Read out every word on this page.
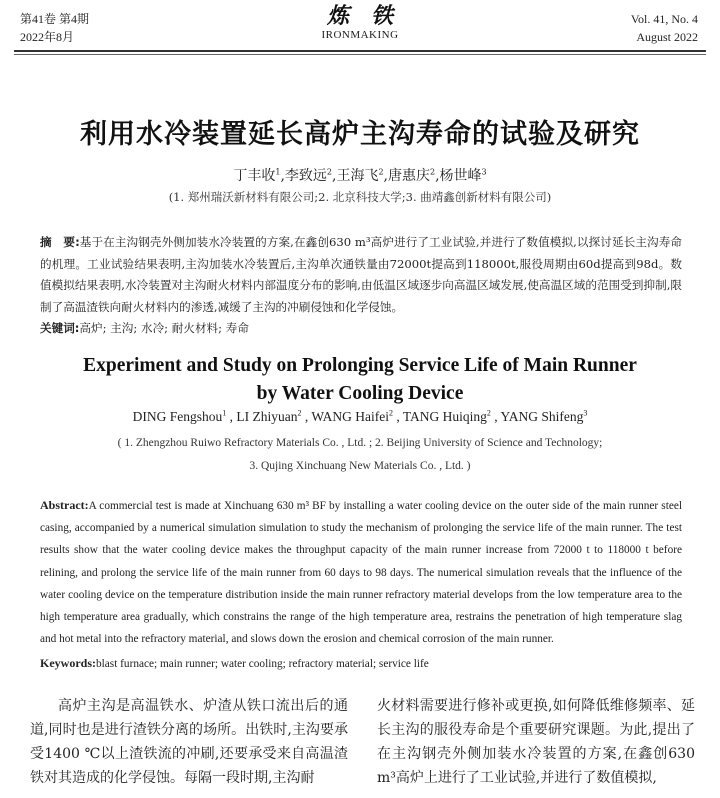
第41卷 第4期
2022年8月
炼铁
IRONMAKING
Vol. 41, No. 4
August 2022
利用水冷装置延长高炉主沟寿命的试验及研究
丁丰收$^1$,李致远$^2$,王海飞$^2$,唐惠庆$^2$,杨世峰$^3$
(1. 郑州瑞沃新材料有限公司;2. 北京科技大学;3. 曲靖鑫创新材料有限公司)

摘　要:基于在主沟钢壳外侧加装水冷装置的方案,在鑫创630 m³高炉进行了工业试验,并进行了数值模拟,以探讨延长主沟寿命的机理。工业试验结果表明,主沟加装水冷装置后,主沟单次通铁量由72000t提高到118000t,服役周期由60d提高到98d。数值模拟结果表明,水冷装置对主沟耐火材料内部温度分布的影响,由低温区域逐步向高温区域发展,使高温区域的范围受到抑制,限制了高温渣铁向耐火材料内的渗透,减缓了主沟的冲刷侵蚀和化学侵蚀。

关键词:高炉; 主沟; 水冷; 耐火材料; 寿命

Experiment and Study on Prolonging Service Life of Main Runner
by Water Cooling Device
DING Fengshou$^1$ , LI Zhiyuan$^2$ , WANG Haifei$^2$ , TANG Huiqing$^2$ , YANG Shifeng$^3$
( 1. Zhengzhou Ruiwo Refractory Materials Co. , Ltd. ; 2. Beijing University of Science and Technology;
3. Qujing Xinchuang New Materials Co. , Ltd. )
Abstract:A commercial test is made at Xinchuang 630 m³ BF by installing a water cooling device on the outer side of the main runner steel casing, accompanied by a numerical simulation simulation to study the mechanism of prolonging the service life of the main runner. The test results show that the water cooling device makes the throughput capacity of the main runner increase from 72000 t to 118000 t before relining, and prolong the service life of the main runner from 60 days to 98 days. The numerical simulation reveals that the influence of the water cooling device on the temperature distribution inside the main runner refractory material develops from the low temperature area to the high temperature area gradually, which constrains the range of the high temperature area, restrains the penetration of high temperature slag and hot metal into the refractory material, and slows down the erosion and chemical corrosion of the main runner.
Keywords:blast furnace; main runner; water cooling; refractory material; service life

高炉主沟是高温铁水、炉渣从铁口流出后的通道,同时也是进行渣铁分离的场所。出铁时,主沟要承受1400 ℃以上渣铁流的冲刷,还要承受来自高温渣铁对其造成的化学侵蚀。每隔一段时期,主沟耐

火材料需要进行修补或更换,如何降低维修频率、延长主沟的服役寿命是个重要研究课题。为此,提出了在主沟钢壳外侧加装水冷装置的方案,在鑫创630 m³高炉上进行了工业试验,并进行了数值模拟,
